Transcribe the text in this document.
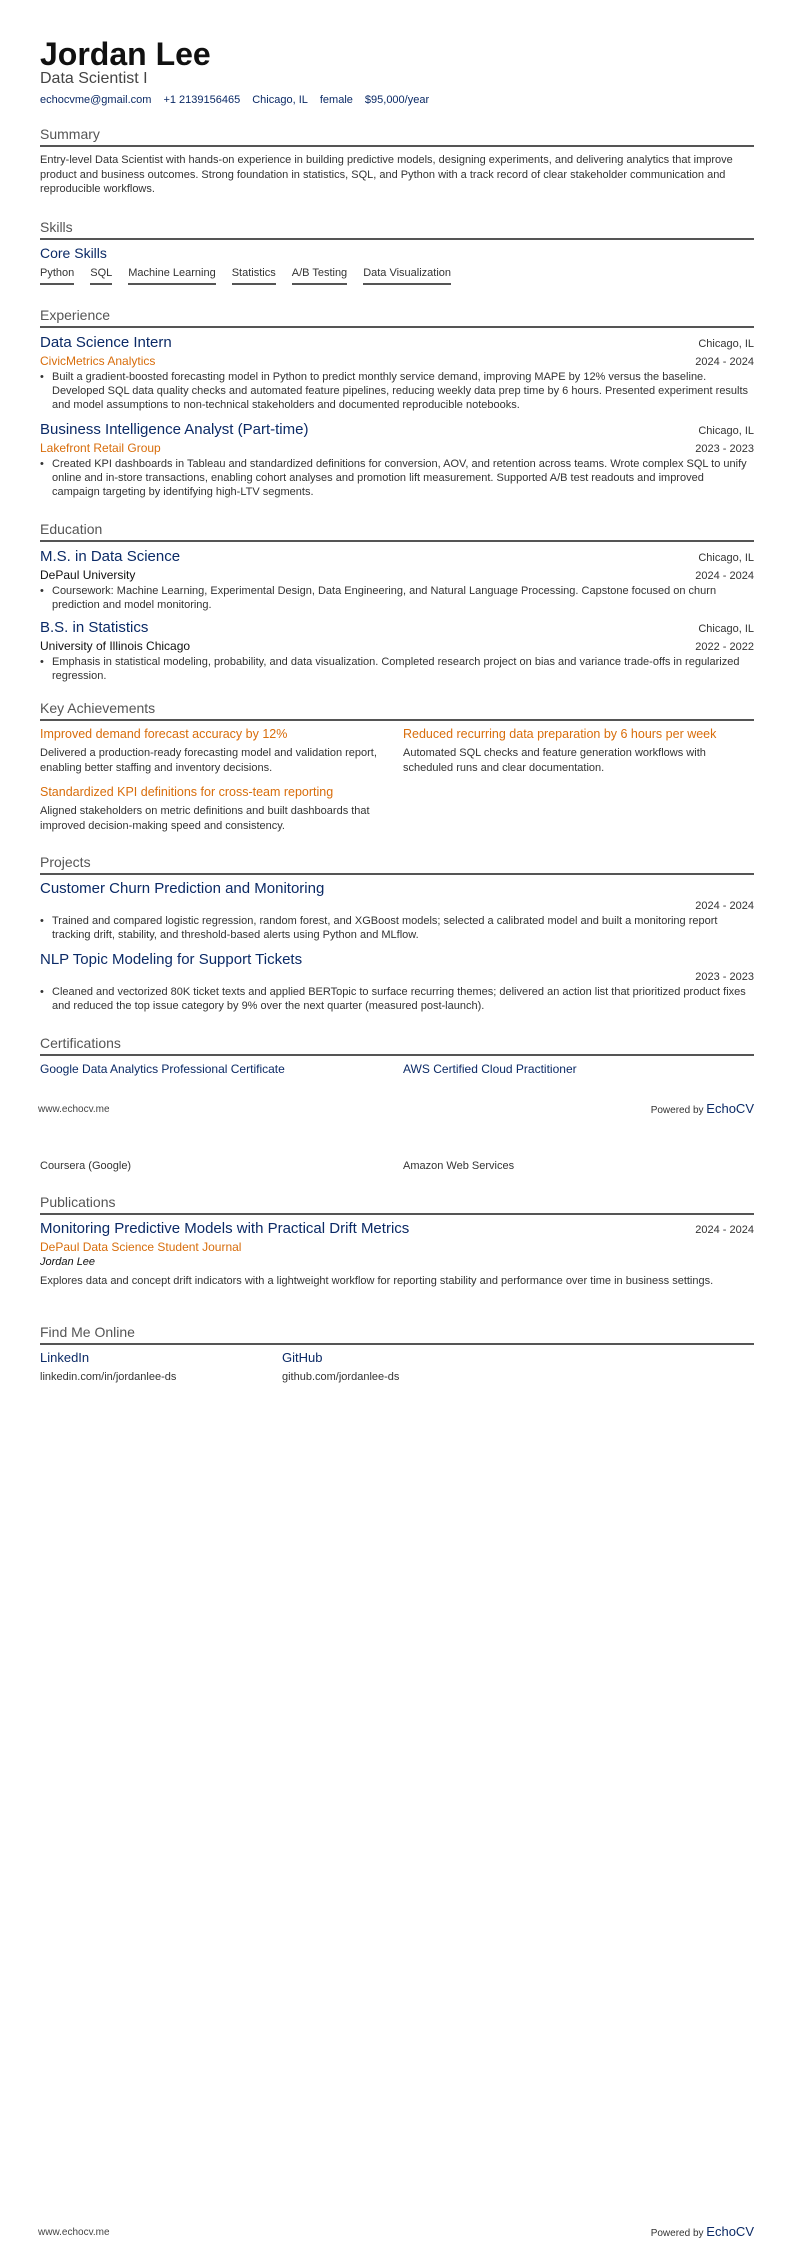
Jordan Lee
Data Scientist I
echocvme@gmail.com +1 2139156465 Chicago, IL female $95,000/year
Summary
Entry-level Data Scientist with hands-on experience in building predictive models, designing experiments, and delivering analytics that improve product and business outcomes. Strong foundation in statistics, SQL, and Python with a track record of clear stakeholder communication and reproducible workflows.
Skills
Core Skills
Python SQL Machine Learning Statistics A/B Testing Data Visualization
Experience
Data Science Intern	Chicago, IL
CivicMetrics Analytics	2024 - 2024
• Built a gradient-boosted forecasting model in Python to predict monthly service demand, improving MAPE by 12% versus the baseline. Developed SQL data quality checks and automated feature pipelines, reducing weekly data prep time by 6 hours. Presented experiment results and model assumptions to non-technical stakeholders and documented reproducible notebooks.
Business Intelligence Analyst (Part-time)	Chicago, IL
Lakefront Retail Group	2023 - 2023
• Created KPI dashboards in Tableau and standardized definitions for conversion, AOV, and retention across teams. Wrote complex SQL to unify online and in-store transactions, enabling cohort analyses and promotion lift measurement. Supported A/B test readouts and improved campaign targeting by identifying high-LTV segments.
Education
M.S. in Data Science	Chicago, IL
DePaul University	2024 - 2024
• Coursework: Machine Learning, Experimental Design, Data Engineering, and Natural Language Processing. Capstone focused on churn prediction and model monitoring.
B.S. in Statistics	Chicago, IL
University of Illinois Chicago	2022 - 2022
• Emphasis in statistical modeling, probability, and data visualization. Completed research project on bias and variance trade-offs in regularized regression.
Key Achievements
Improved demand forecast accuracy by 12%
Delivered a production-ready forecasting model and validation report, enabling better staffing and inventory decisions.
Reduced recurring data preparation by 6 hours per week
Automated SQL checks and feature generation workflows with scheduled runs and clear documentation.
Standardized KPI definitions for cross-team reporting
Aligned stakeholders on metric definitions and built dashboards that improved decision-making speed and consistency.
Projects
Customer Churn Prediction and Monitoring
2024 - 2024
• Trained and compared logistic regression, random forest, and XGBoost models; selected a calibrated model and built a monitoring report tracking drift, stability, and threshold-based alerts using Python and MLflow.
NLP Topic Modeling for Support Tickets
2023 - 2023
• Cleaned and vectorized 80K ticket texts and applied BERTopic to surface recurring themes; delivered an action list that prioritized product fixes and reduced the top issue category by 9% over the next quarter (measured post-launch).
Certifications
Google Data Analytics Professional Certificate	AWS Certified Cloud Practitioner
www.echocv.me	Powered by EchoCV
Coursera (Google)	Amazon Web Services
Publications
Monitoring Predictive Models with Practical Drift Metrics	2024 - 2024
DePaul Data Science Student Journal
Jordan Lee
Explores data and concept drift indicators with a lightweight workflow for reporting stability and performance over time in business settings.
Find Me Online
LinkedIn
linkedin.com/in/jordanlee-ds
GitHub
github.com/jordanlee-ds
www.echocv.me	Powered by EchoCV
